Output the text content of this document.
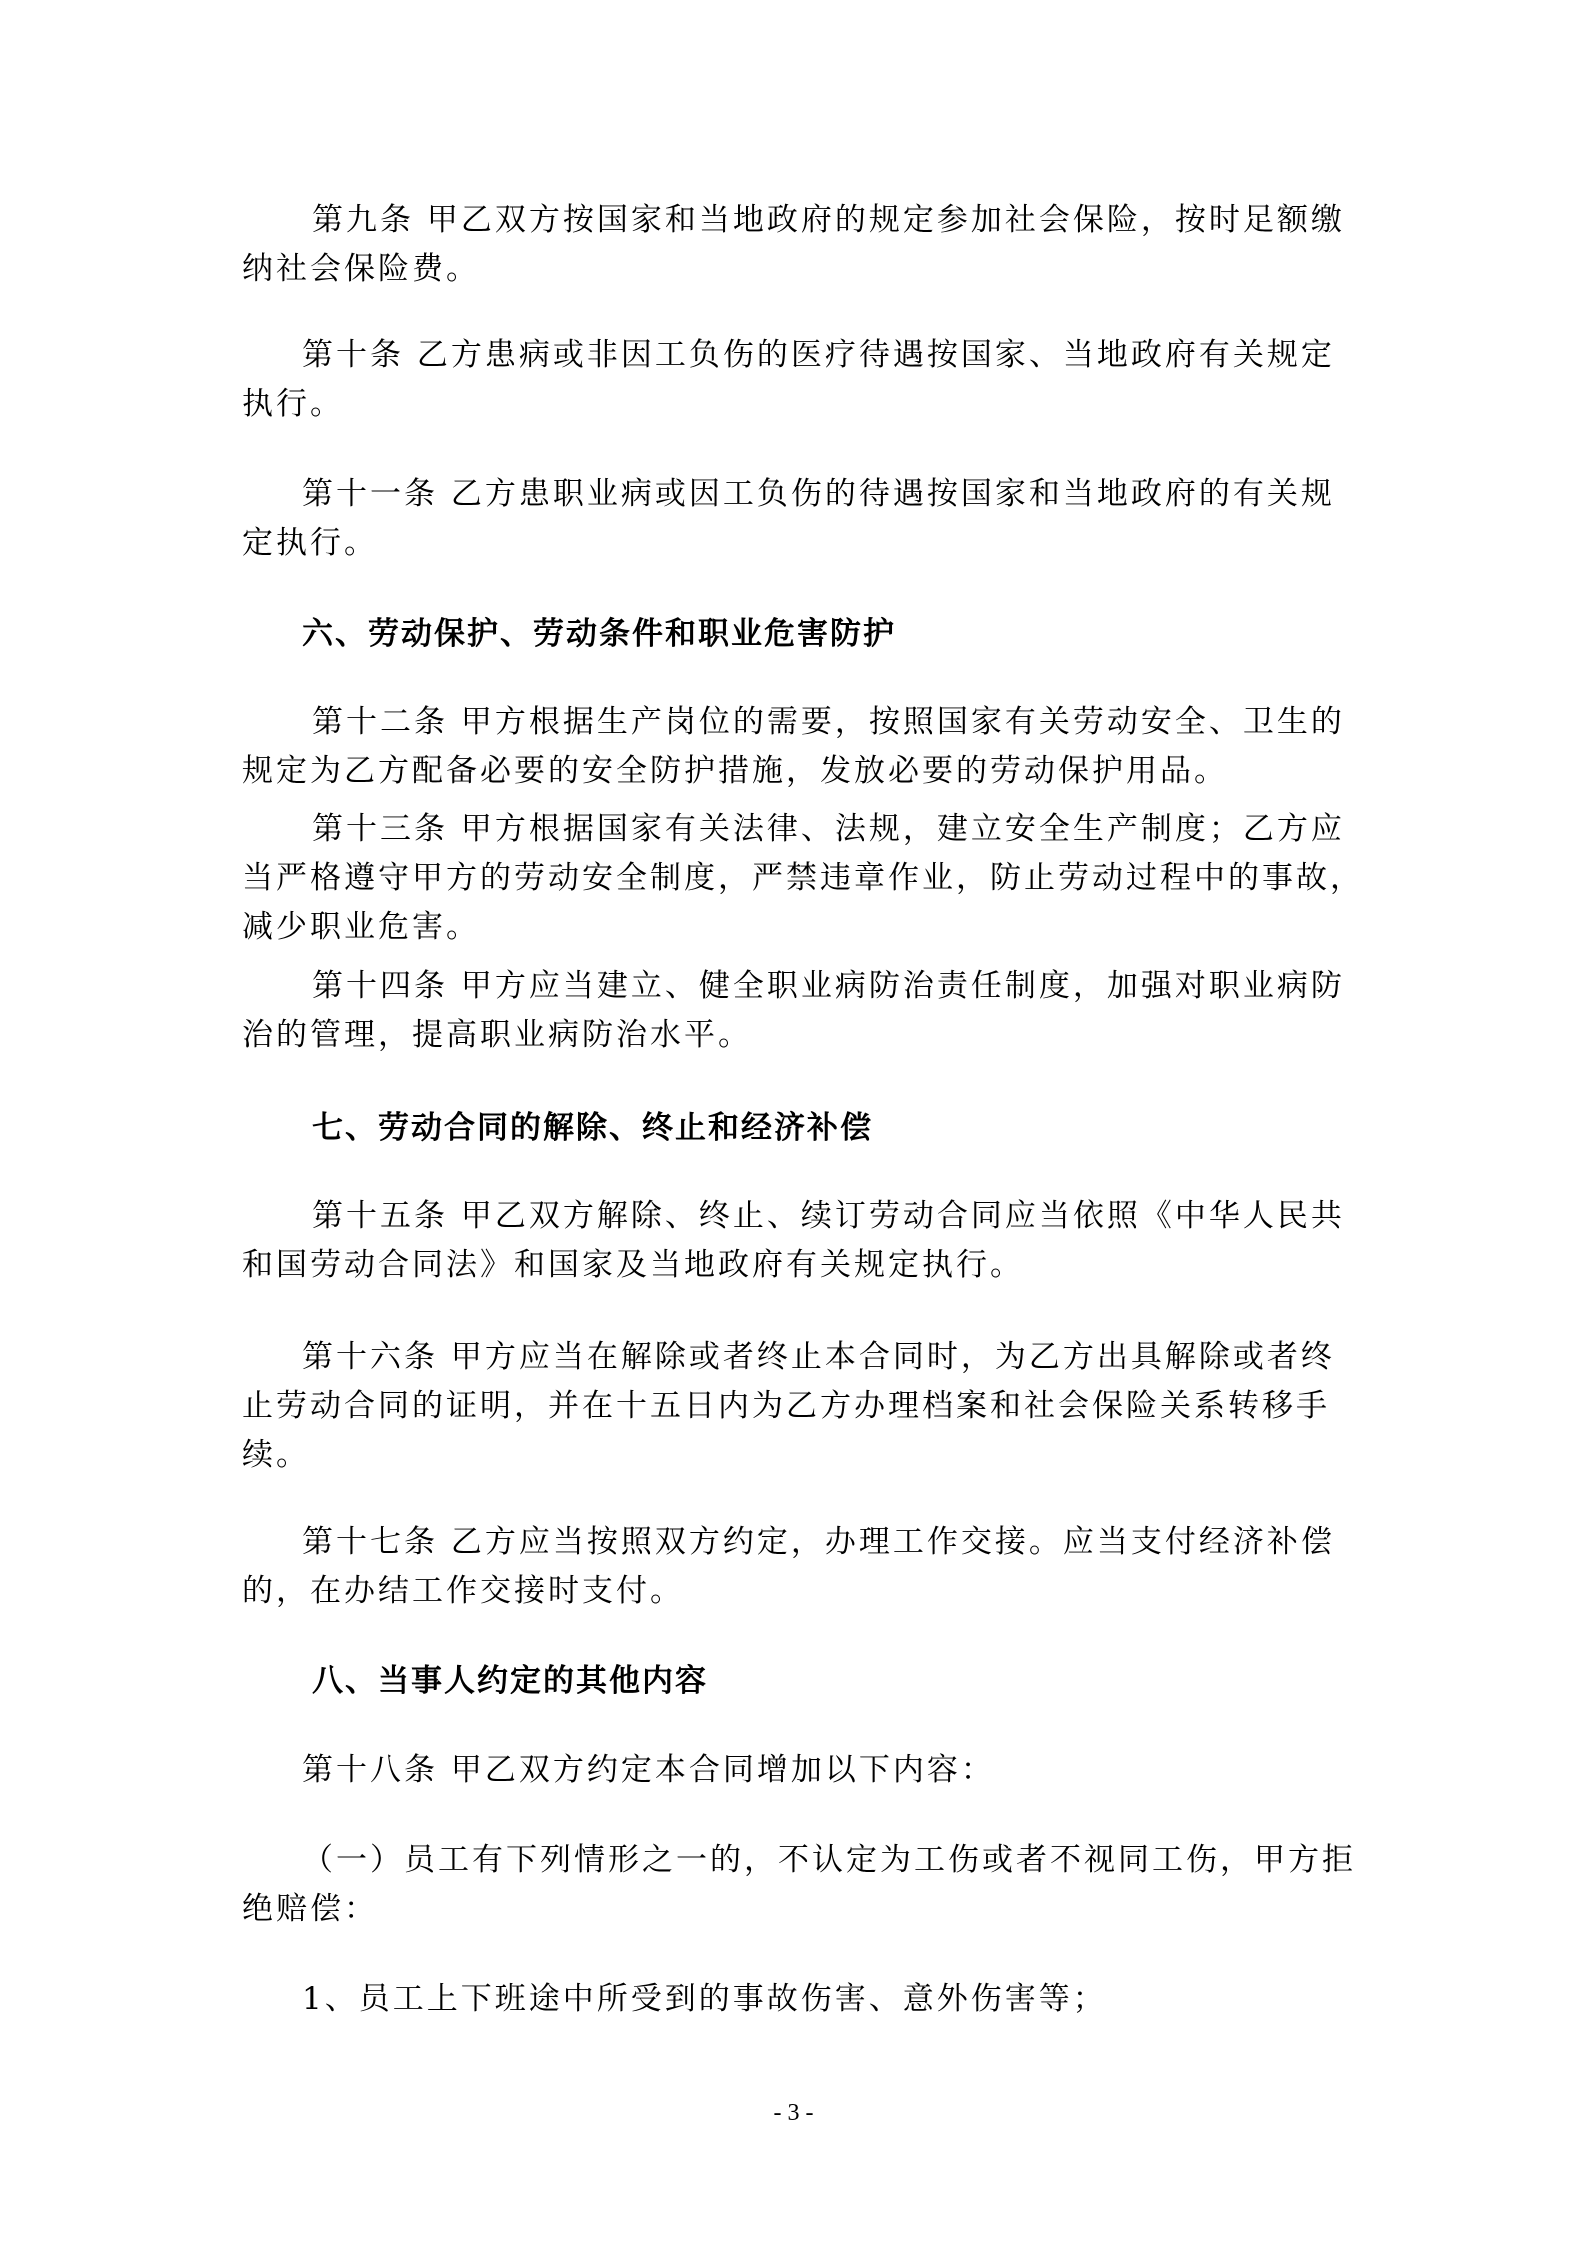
第九条 甲乙双方按国家和当地政府的规定参加社会保险，按时足额缴

纳社会保险费。

第十条 乙方患病或非因工负伤的医疗待遇按国家、当地政府有关规定

执行。

第十一条 乙方患职业病或因工负伤的待遇按国家和当地政府的有关规

定执行。

六、劳动保护、劳动条件和职业危害防护

第十二条 甲方根据生产岗位的需要，按照国家有关劳动安全、卫生的

规定为乙方配备必要的安全防护措施，发放必要的劳动保护用品。

第十三条 甲方根据国家有关法律、法规，建立安全生产制度；乙方应

当严格遵守甲方的劳动安全制度，严禁违章作业，防止劳动过程中的事故，

减少职业危害。

第十四条 甲方应当建立、健全职业病防治责任制度，加强对职业病防

治的管理，提高职业病防治水平。

七、劳动合同的解除、终止和经济补偿

第十五条 甲乙双方解除、终止、续订劳动合同应当依照《中华人民共

和国劳动合同法》和国家及当地政府有关规定执行。

第十六条 甲方应当在解除或者终止本合同时，为乙方出具解除或者终

止劳动合同的证明，并在十五日内为乙方办理档案和社会保险关系转移手

续。

第十七条 乙方应当按照双方约定，办理工作交接。应当支付经济补偿

的，在办结工作交接时支付。

八、当事人约定的其他内容

第十八条 甲乙双方约定本合同增加以下内容：

（一）员工有下列情形之一的，不认定为工伤或者不视同工伤，甲方拒

绝赔偿：

1、员工上下班途中所受到的事故伤害、意外伤害等；

- 3 -
